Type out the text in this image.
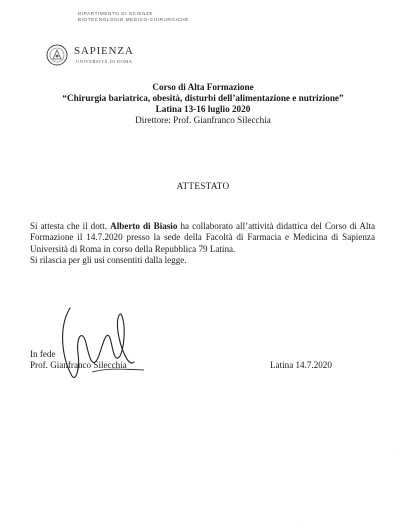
DIPARTIMENTO DI SCIENZE
BIOTECNOLOGIE MEDICO-CHIRURGICHE
SAPIENZA
UNIVERSITÀ DI ROMA
Corso di Alta Formazione
“Chirurgia bariatrica, obesità, disturbi dell’alimentazione e nutrizione”
Latina 13-16 luglio 2020
Direttore: Prof. Gianfranco Silecchia
ATTESTATO

Si attesta che il dott. Alberto di Biasio ha collaborato all’attività didattica del Corso di Alta Formazione il 14.7.2020 presso la sede della Facoltà di Farmacia e Medicina di Sapienza Università di Roma in corso della Repubblica 79 Latina.

Si rilascia per gli usi consentiti dalla legge.

In fede
Prof. Gianfranco Silecchia	Latina 14.7.2020
–
–
